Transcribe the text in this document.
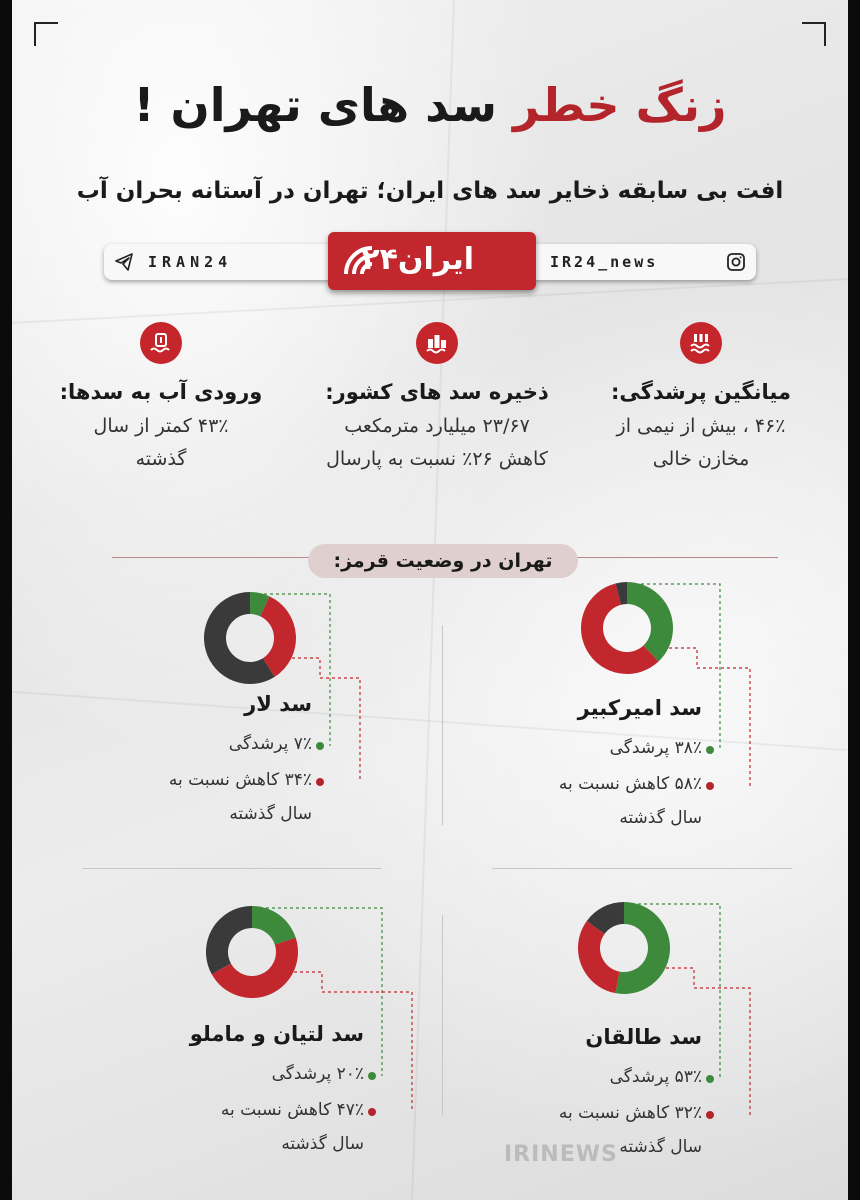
زنگ خطر سد های تهران !
افت بی سابقه ذخایر سد های ایران؛ تهران در آستانه بحران آب
IRAN24	IR24_news
ایران۲۴
میانگین پرشدگی:
۴۶٪ ، بیش از نیمی از
مخازن خالی
ذخیره سد های کشور:
۲۳/۶۷ میلیارد مترمکعب
کاهش ۲۶٪ نسبت به پارسال
ورودی آب به سدها:
۴۳٪ کمتر از سال
گذشته
تهران در وضعیت قرمز:
سد امیرکبیر
۳۸٪ پرشدگی
۵۸٪ کاهش نسبت به
سال گذشته
سد لار
۷٪ پرشدگی
۳۴٪ کاهش نسبت به
سال گذشته
سد طالقان
۵۳٪ پرشدگی
۳۲٪ کاهش نسبت به
سال گذشته
سد لتیان و ماملو
۲۰٪ پرشدگی
۴۷٪ کاهش نسبت به
سال گذشته	IRINEWS
